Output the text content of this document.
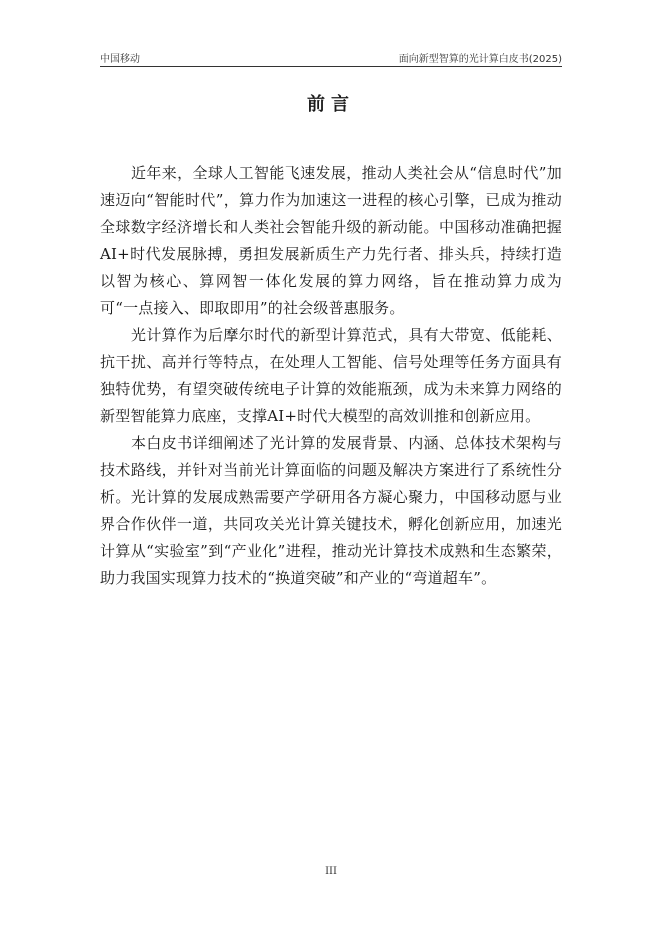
中国移动	面向新型智算的光计算白皮书(2025)
前言

近年来，全球人工智能飞速发展，推动人类社会从“信息时代”加速迈向“智能时代”，算力作为加速这一进程的核心引擎，已成为推动全球数字经济增长和人类社会智能升级的新动能。中国移动准确把握AI+时代发展脉搏，勇担发展新质生产力先行者、排头兵，持续打造以智为核心、算网智一体化发展的算力网络，旨在推动算力成为可“一点接入、即取即用”的社会级普惠服务。

光计算作为后摩尔时代的新型计算范式，具有大带宽、低能耗、抗干扰、高并行等特点，在处理人工智能、信号处理等任务方面具有独特优势，有望突破传统电子计算的效能瓶颈，成为未来算力网络的新型智能算力底座，支撑AI+时代大模型的高效训推和创新应用。

本白皮书详细阐述了光计算的发展背景、内涵、总体技术架构与技术路线，并针对当前光计算面临的问题及解决方案进行了系统性分析。光计算的发展成熟需要产学研用各方凝心聚力，中国移动愿与业界合作伙伴一道，共同攻关光计算关键技术，孵化创新应用，加速光计算从“实验室”到“产业化”进程，推动光计算技术成熟和生态繁荣，助力我国实现算力技术的“换道突破”和产业的“弯道超车”。

III
